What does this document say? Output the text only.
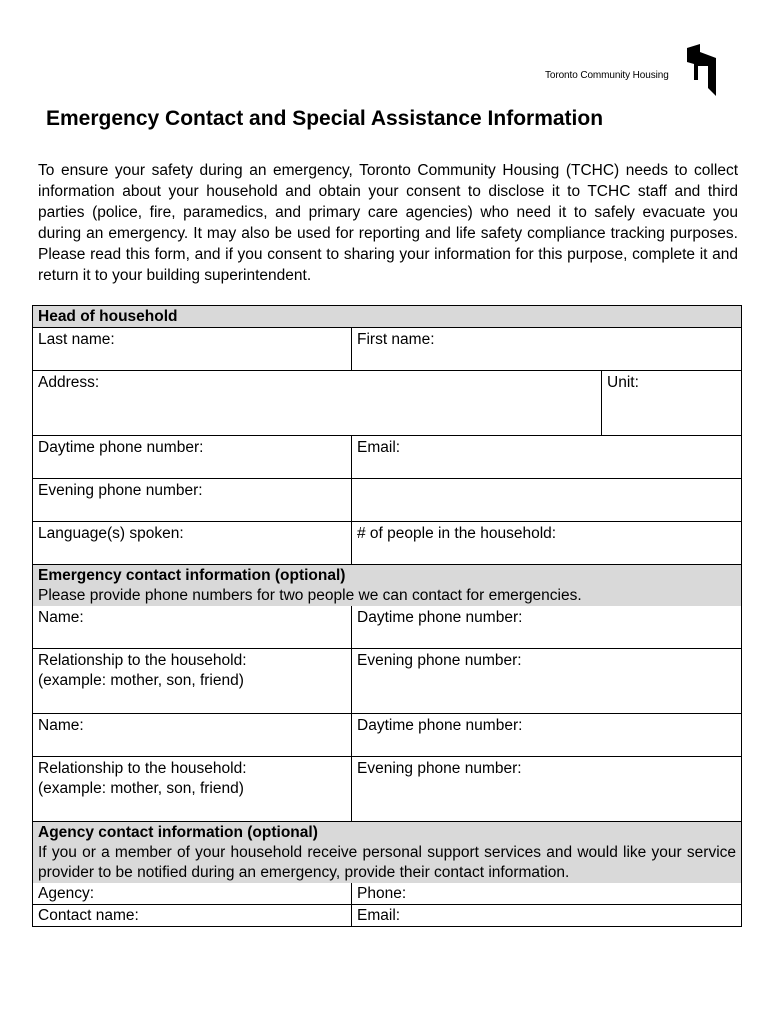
Toronto Community Housing
Emergency Contact and Special Assistance Information

To ensure your safety during an emergency, Toronto Community Housing (TCHC) needs to collect information about your household and obtain your consent to disclose it to TCHC staff and third parties (police, fire, paramedics, and primary care agencies) who need it to safely evacuate you during an emergency. It may also be used for reporting and life safety compliance tracking purposes. Please read this form, and if you consent to sharing your information for this purpose, complete it and return it to your building superintendent.

Head of household		

Last name:	First name:	
Address:		Unit:
Daytime phone number:	Email:	
Evening phone number:		
Language(s) spoken:	# of people in the household:	

Emergency contact information (optional)
Please provide phone numbers for two people we can contact for emergencies.		

Name:	Daytime phone number:	

Relationship to the household:
(example: mother, son, friend)	Evening phone number:	
Name:	Daytime phone number:	

Relationship to the household:
(example: mother, son, friend)	Evening phone number:	

Agency contact information (optional)
If you or a member of your household receive personal support services and would like your service provider to be notified during an emergency, provide their contact information.		

Agency:	Phone:	
Contact name:	Email:	
